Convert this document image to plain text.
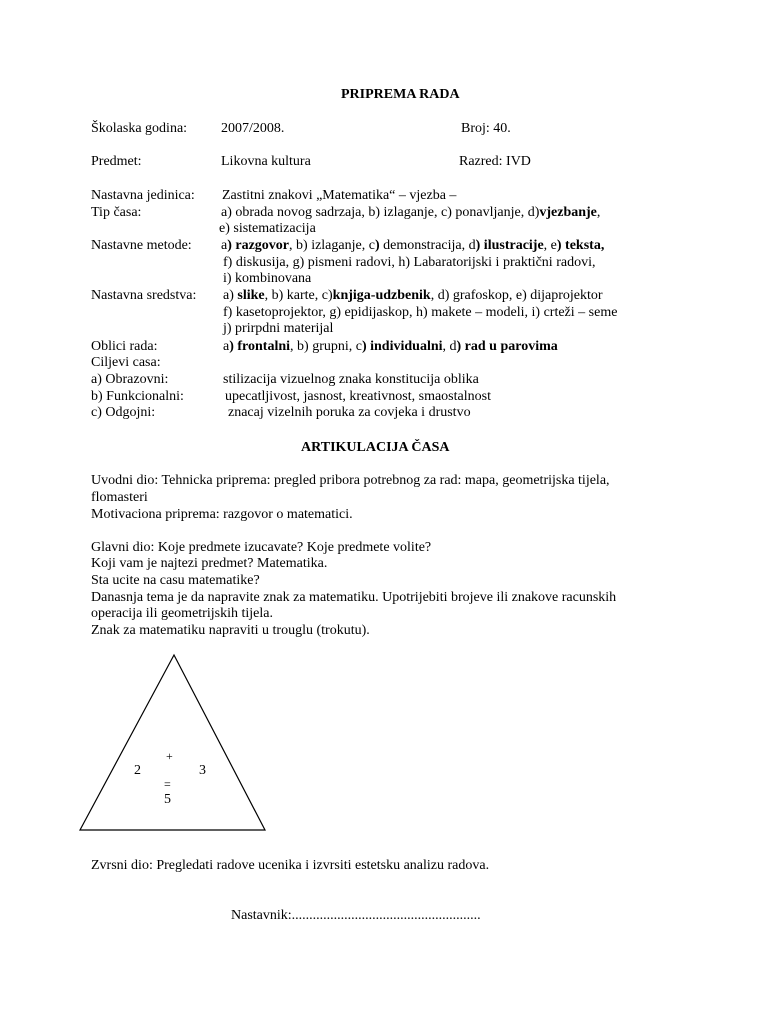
PRIPREMA RADA
Školaska godina: 2007/2008.	Broj: 40.
Predmet:	Likovna kultura	Razred: IVD
Nastavna jedinica: Zastitni znakovi „Matematika“ – vjezba –
Tip časa:	a) obrada novog sadrzaja, b) izlaganje, c) ponavljanje, d)vjezbanje,
e) sistematizacija
Nastavne metode: a) razgovor, b) izlaganje, c) demonstracija, d) ilustracije, e) teksta,
f) diskusija, g) pismeni radovi, h) Labaratorijski i praktični radovi,
i) kombinovana
Nastavna sredstva: a) slike, b) karte, c)knjiga-udzbenik, d) grafoskop, e) dijaprojektor
f) kasetoprojektor, g) epidijaskop, h) makete – modeli, i) crteži – seme
j) prirpdni materijal
Oblici rada:	a) frontalni, b) grupni, c) individualni, d) rad u parovima
Ciljevi casa:
a) Obrazovni:	stilizacija vizuelnog znaka konstitucija oblika
b) Funkcionalni:	upecatljivost, jasnost, kreativnost, smaostalnost
c) Odgojni:	znacaj vizelnih poruka za covjeka i drustvo
ARTIKULACIJA ČASA
Uvodni dio: Tehnicka priprema: pregled pribora potrebnog za rad: mapa, geometrijska tijela,
flomasteri
Motivaciona priprema: razgovor o matematici.
Glavni dio: Koje predmete izucavate? Koje predmete volite?
Koji vam je najtezi predmet? Matematika.
Sta ucite na casu matematike?
Danasnja tema je da napravite znak za matematiku. Upotrijebiti brojeve ili znakove racunskih
operacija ili geometrijskih tijela.
Znak za matematiku napraviti u trouglu (trokutu).
+
2	3
=
5
Zvrsni dio: Pregledati radove ucenika i izvrsiti estetsku analizu radova.
Nastavnik:......................................................
